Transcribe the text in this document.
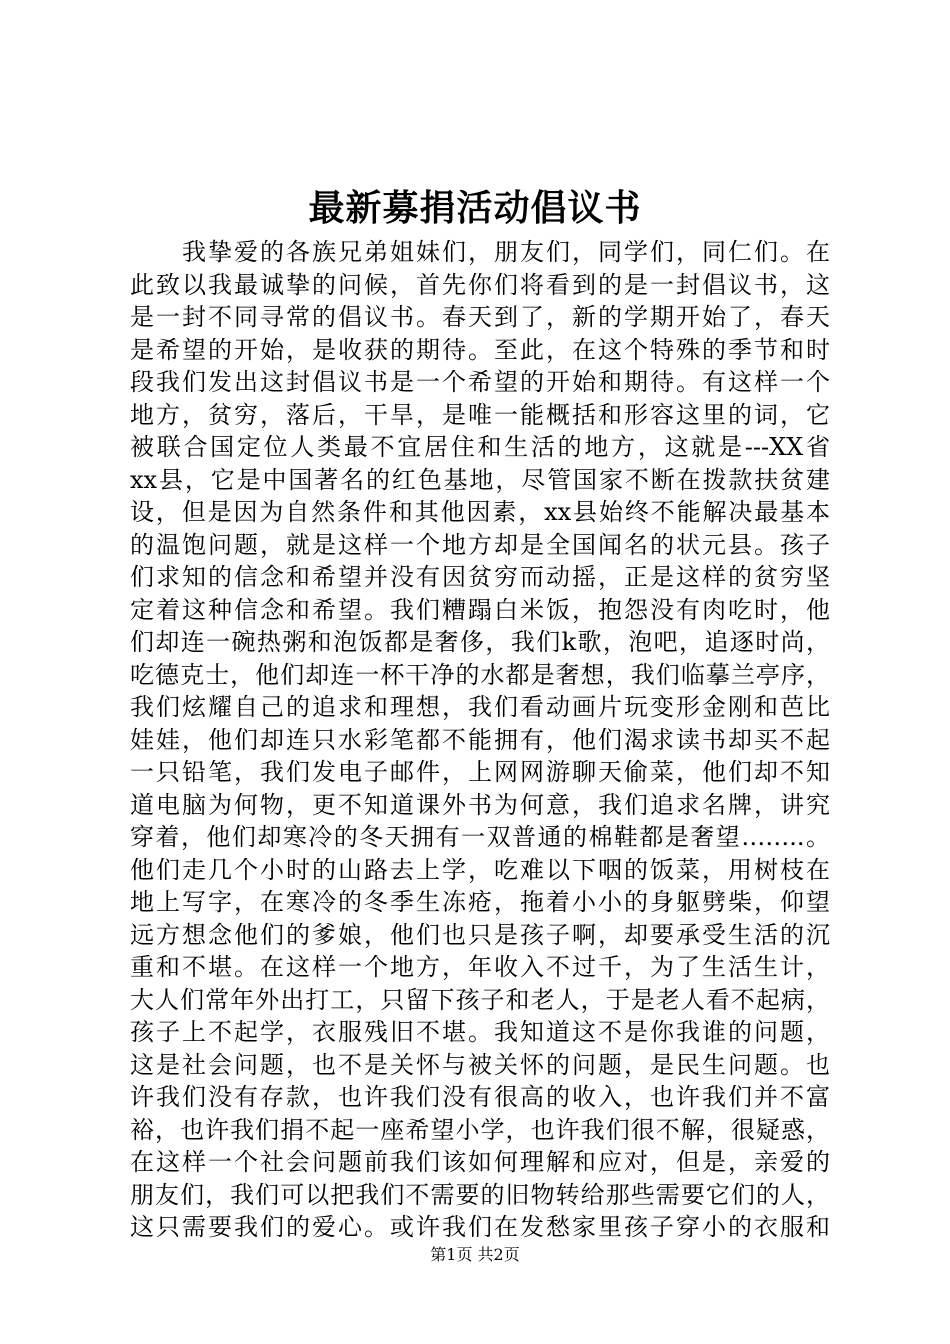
最新募捐活动倡议书
我挚爱的各族兄弟姐妹们，朋友们，同学们，同仁们。在
此致以我最诚挚的问候，首先你们将看到的是一封倡议书，这
是一封不同寻常的倡议书。春天到了，新的学期开始了，春天
是希望的开始，是收获的期待。至此，在这个特殊的季节和时
段我们发出这封倡议书是一个希望的开始和期待。有这样一个
地方，贫穷，落后，干旱，是唯一能概括和形容这里的词，它
被联合国定位人类最不宜居住和生活的地方，这就是---XX省
xx县，它是中国著名的红色基地，尽管国家不断在拨款扶贫建
设，但是因为自然条件和其他因素，xx县始终不能解决最基本
的温饱问题，就是这样一个地方却是全国闻名的状元县。孩子
们求知的信念和希望并没有因贫穷而动摇，正是这样的贫穷坚
定着这种信念和希望。我们糟蹋白米饭，抱怨没有肉吃时，他
们却连一碗热粥和泡饭都是奢侈，我们k歌，泡吧，追逐时尚，
吃德克士，他们却连一杯干净的水都是奢想，我们临摹兰亭序，
我们炫耀自己的追求和理想，我们看动画片玩变形金刚和芭比
娃娃，他们却连只水彩笔都不能拥有，他们渴求读书却买不起
一只铅笔，我们发电子邮件，上网网游聊天偷菜，他们却不知
道电脑为何物，更不知道课外书为何意，我们追求名牌，讲究
穿着，他们却寒冷的冬天拥有一双普通的棉鞋都是奢望……..。
他们走几个小时的山路去上学，吃难以下咽的饭菜，用树枝在
地上写字，在寒冷的冬季生冻疮，拖着小小的身躯劈柴，仰望
远方想念他们的爹娘，他们也只是孩子啊，却要承受生活的沉
重和不堪。在这样一个地方，年收入不过千，为了生活生计，
大人们常年外出打工，只留下孩子和老人，于是老人看不起病，
孩子上不起学，衣服残旧不堪。我知道这不是你我谁的问题，
这是社会问题，也不是关怀与被关怀的问题，是民生问题。也
许我们没有存款，也许我们没有很高的收入，也许我们并不富
裕，也许我们捐不起一座希望小学，也许我们很不解，很疑惑，
在这样一个社会问题前我们该如何理解和应对，但是，亲爱的
朋友们，我们可以把我们不需要的旧物转给那些需要它们的人，
这只需要我们的爱心。或许我们在发愁家里孩子穿小的衣服和
第1页 共2页
